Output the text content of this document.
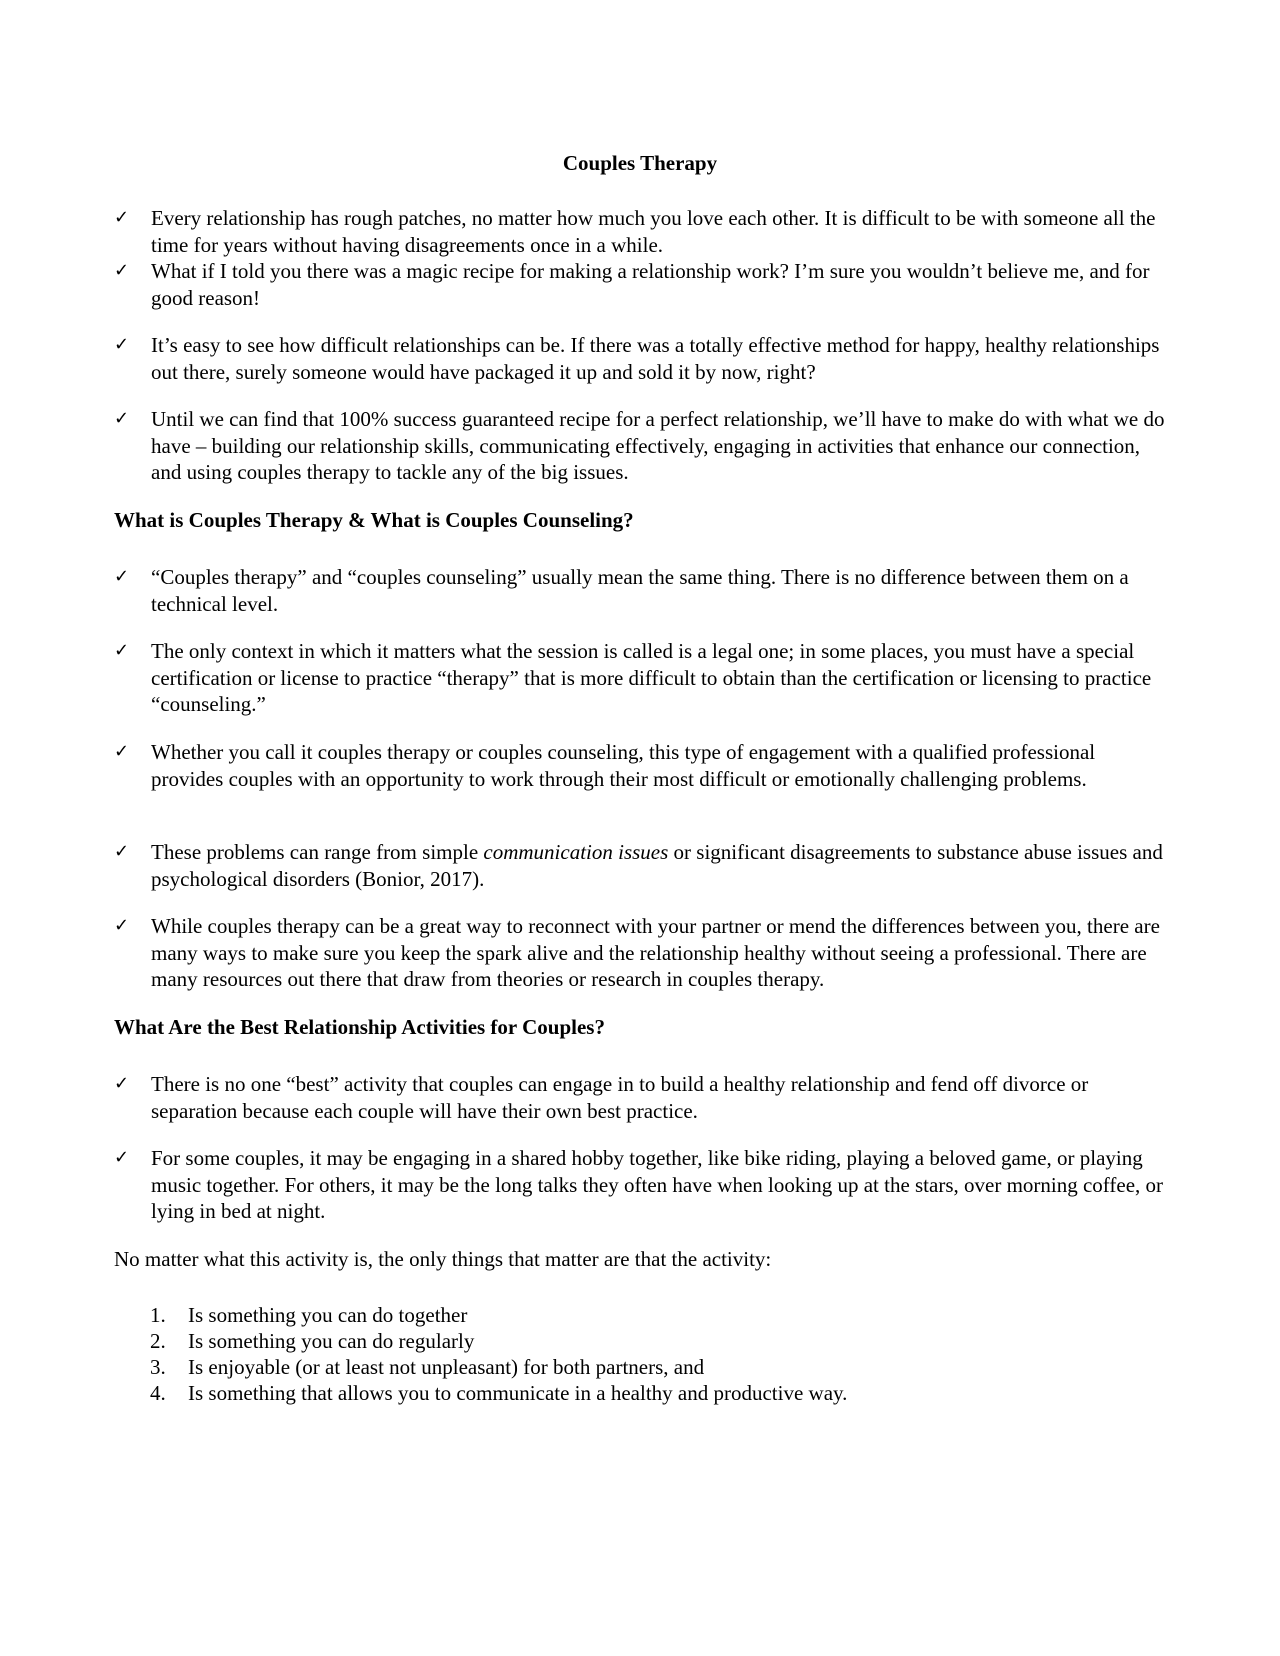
Couples Therapy
✓	Every relationship has rough patches, no matter how much you love each other. It is difficult to be with someone all the time for years without having disagreements once in a while.
✓	What if I told you there was a magic recipe for making a relationship work? I’m sure you wouldn’t believe me, and for good reason!
✓	It’s easy to see how difficult relationships can be. If there was a totally effective method for happy, healthy relationships out there, surely someone would have packaged it up and sold it by now, right?
✓	Until we can find that 100% success guaranteed recipe for a perfect relationship, we’ll have to make do with what we do have – building our relationship skills, communicating effectively, engaging in activities that enhance our connection, and using couples therapy to tackle any of the big issues.
What is Couples Therapy & What is Couples Counseling?
✓	“Couples therapy” and “couples counseling” usually mean the same thing. There is no difference between them on a technical level.
✓	The only context in which it matters what the session is called is a legal one; in some places, you must have a special certification or license to practice “therapy” that is more difficult to obtain than the certification or licensing to practice “counseling.”
✓	Whether you call it couples therapy or couples counseling, this type of engagement with a qualified professional provides couples with an opportunity to work through their most difficult or emotionally challenging problems.
✓	These problems can range from simple communication issues or significant disagreements to substance abuse issues and psychological disorders (Bonior, 2017).
✓	While couples therapy can be a great way to reconnect with your partner or mend the differences between you, there are many ways to make sure you keep the spark alive and the relationship healthy without seeing a professional. There are many resources out there that draw from theories or research in couples therapy.
What Are the Best Relationship Activities for Couples?
✓	There is no one “best” activity that couples can engage in to build a healthy relationship and fend off divorce or separation because each couple will have their own best practice.
✓	For some couples, it may be engaging in a shared hobby together, like bike riding, playing a beloved game, or playing music together. For others, it may be the long talks they often have when looking up at the stars, over morning coffee, or lying in bed at night.
No matter what this activity is, the only things that matter are that the activity:
1.	Is something you can do together
2.	Is something you can do regularly
3.	Is enjoyable (or at least not unpleasant) for both partners, and
4.	Is something that allows you to communicate in a healthy and productive way.
